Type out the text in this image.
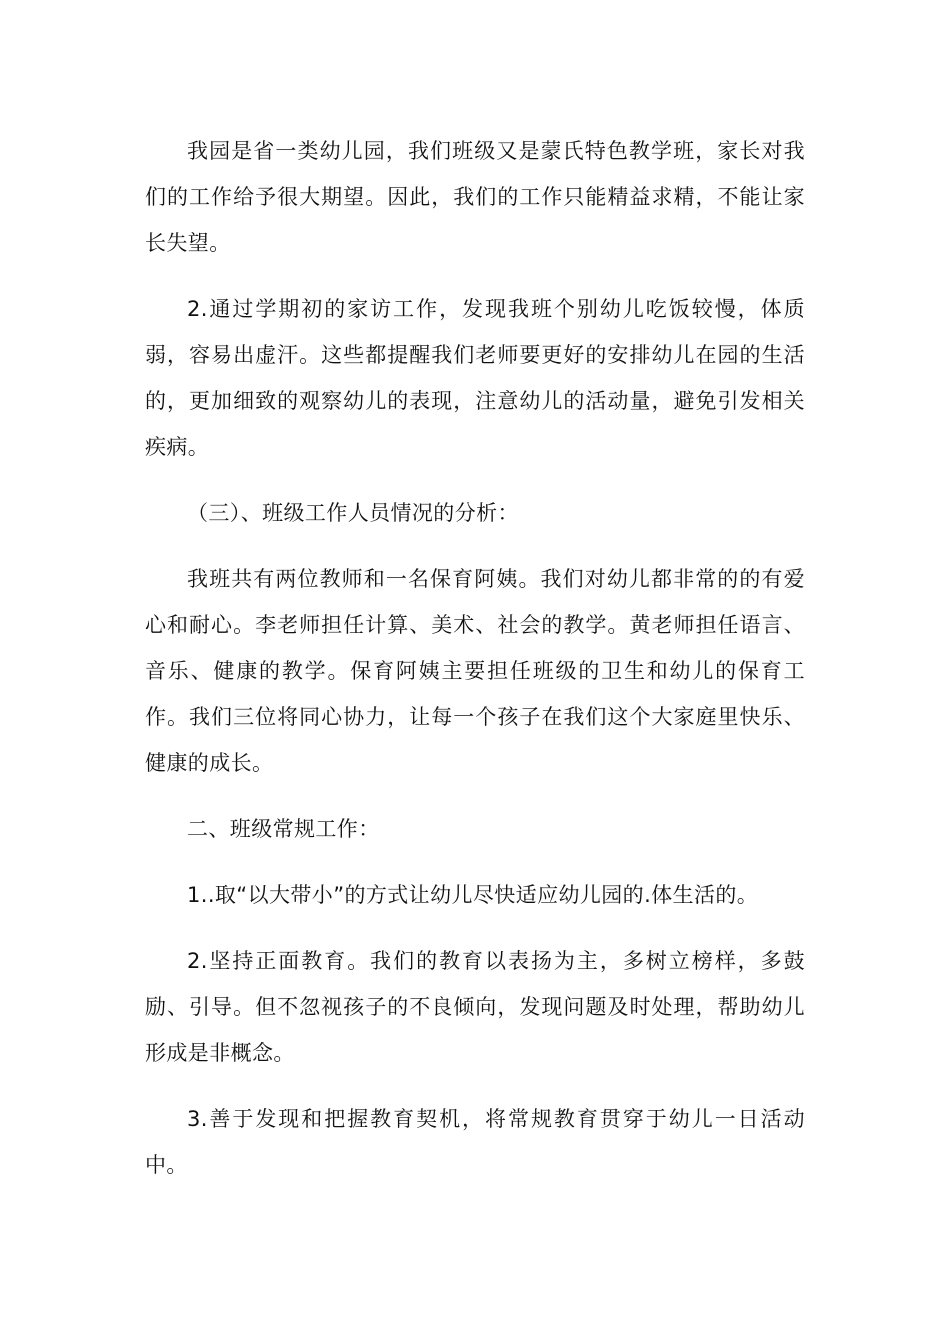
我园是省一类幼儿园，我们班级又是蒙氏特色教学班，家长对我们的工作给予很大期望。因此，我们的工作只能精益求精，不能让家长失望。

2.通过学期初的家访工作，发现我班个别幼儿吃饭较慢，体质弱，容易出虚汗。这些都提醒我们老师要更好的安排幼儿在园的生活的，更加细致的观察幼儿的表现，注意幼儿的活动量，避免引发相关疾病。

（三）、班级工作人员情况的分析：

我班共有两位教师和一名保育阿姨。我们对幼儿都非常的的有爱心和耐心。李老师担任计算、美术、社会的教学。黄老师担任语言、音乐、健康的教学。保育阿姨主要担任班级的卫生和幼儿的保育工作。我们三位将同心协力，让每一个孩子在我们这个大家庭里快乐、健康的成长。

二、班级常规工作：

1..取“以大带小”的方式让幼儿尽快适应幼儿园的.体生活的。

2.坚持正面教育。我们的教育以表扬为主，多树立榜样，多鼓励、引导。但不忽视孩子的不良倾向，发现问题及时处理，帮助幼儿形成是非概念。

3.善于发现和把握教育契机，将常规教育贯穿于幼儿一日活动中。
